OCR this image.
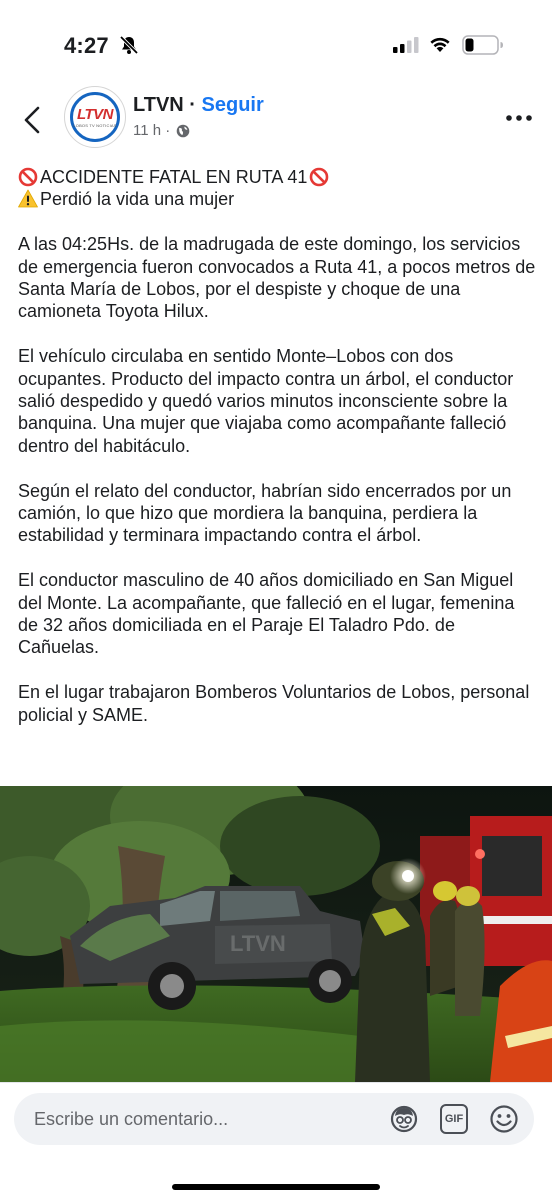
4:27
LTVN
LOBOS TV NOTICIAS
LTVN · Seguir
11 h ·
ACCIDENTE FATAL EN RUTA 41

Perdió la vida una mujer

A las 04:25Hs. de la madrugada de este domingo, los servicios de emergencia fueron convocados a Ruta 41, a pocos metros de Santa María de Lobos, por el despiste y choque de una camioneta Toyota Hilux.

El vehículo circulaba en sentido Monte–Lobos con dos ocupantes. Producto del impacto contra un árbol, el conductor salió despedido y quedó varios minutos inconsciente sobre la banquina. Una mujer que viajaba como acompañante falleció dentro del habitáculo.

Según el relato del conductor, habrían sido encerrados por un camión, lo que hizo que mordiera la banquina, perdiera la estabilidad y terminara impactando contra el árbol.

El conductor masculino de 40 años domiciliado en San Miguel del Monte. La acompañante, que falleció en el lugar, femenina de 32 años domiciliada en el Paraje El Taladro Pdo. de Cañuelas.

En el lugar trabajaron Bomberos Voluntarios de Lobos, personal policial y SAME.

LTVN
Escribe un comentario...	GIF
